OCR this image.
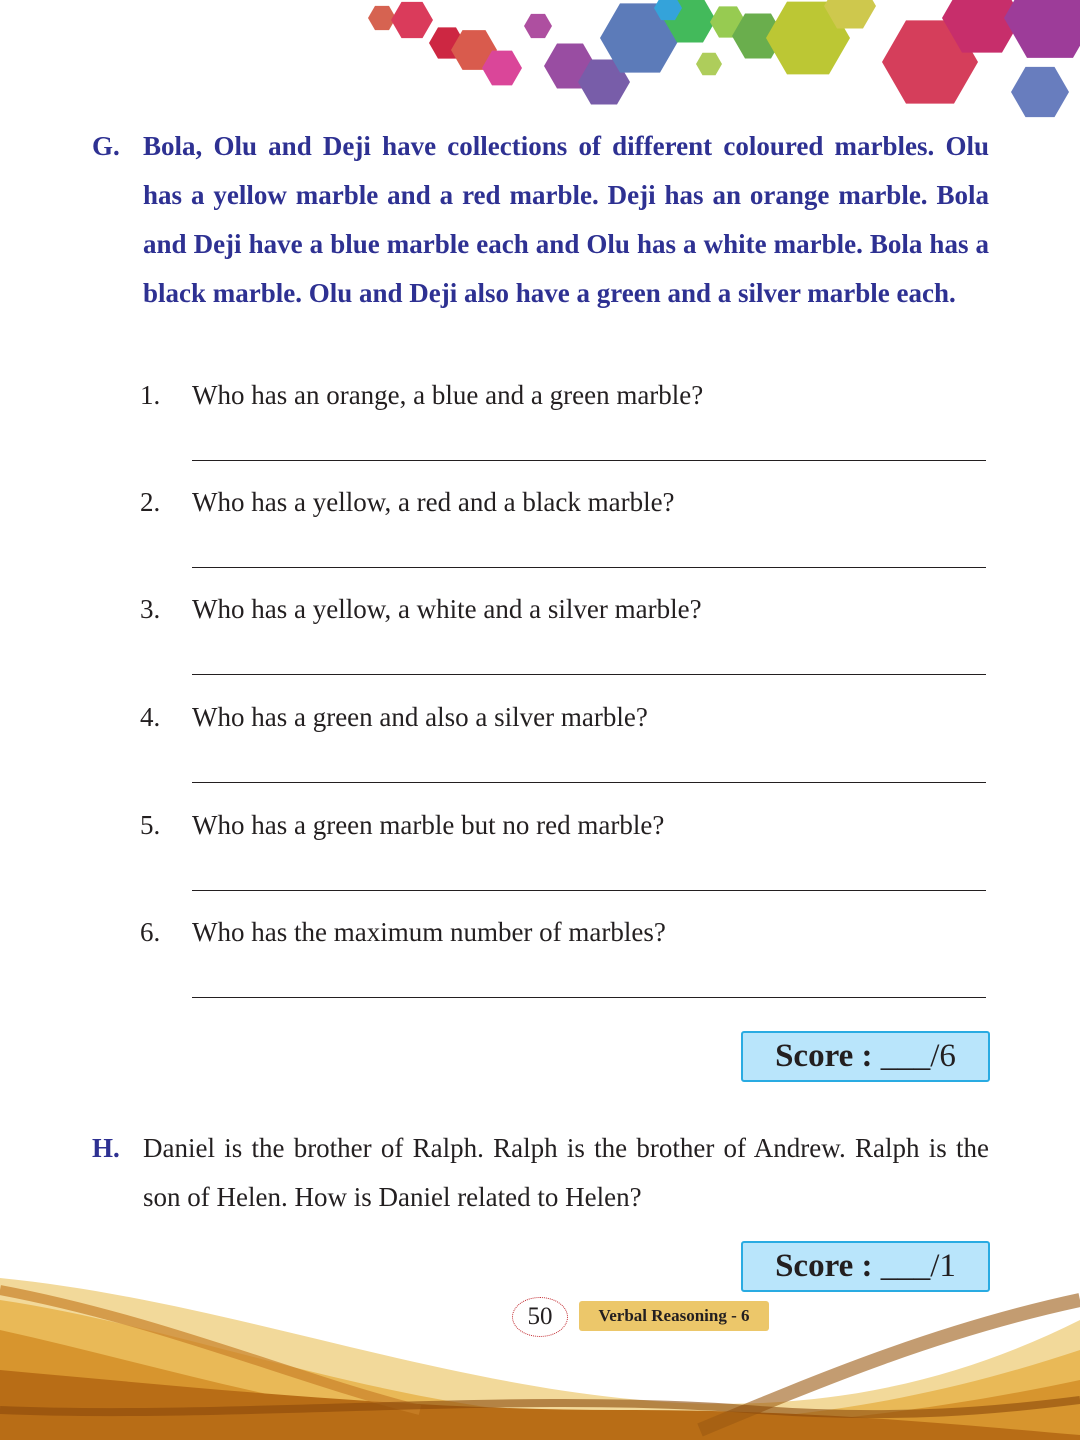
G. Bola, Olu and Deji have collections of different coloured marbles. Olu has a yellow marble and a red marble. Deji has an orange marble. Bola and Deji have a blue marble each and Olu has a white marble. Bola has a black marble. Olu and Deji also have a green and a silver marble each.

1. Who has an orange, a blue and a green marble?
2. Who has a yellow, a red and a black marble?
3. Who has a yellow, a white and a silver marble?
4. Who has a green and also a silver marble?
5. Who has a green marble but no red marble?
6. Who has the maximum number of marbles?
Score : ___/6
H. Daniel is the brother of Ralph. Ralph is the brother of Andrew. Ralph is the son of Helen. How is Daniel related to Helen?

Score : ___/1
50	Verbal Reasoning - 6
